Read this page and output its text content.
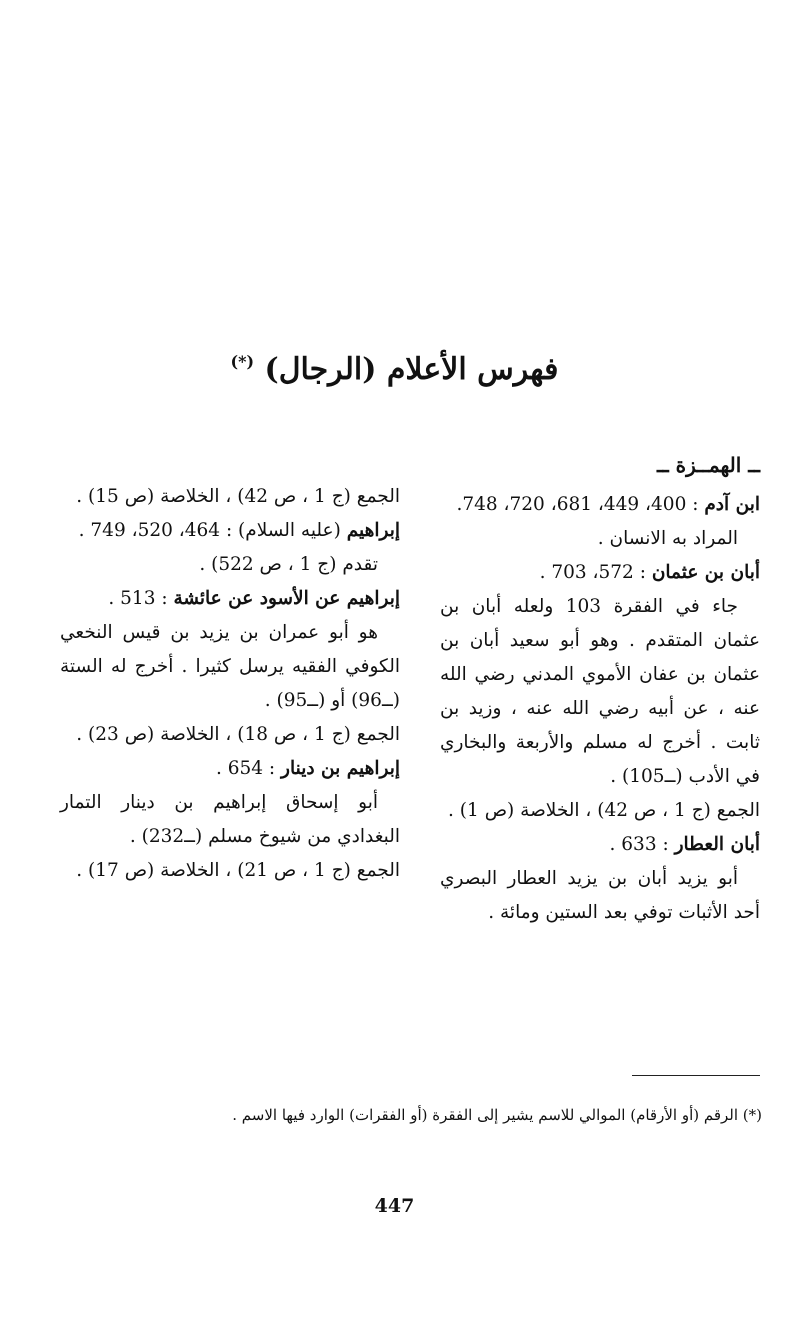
فهرس الأعلام (الرجال) (*)

ــ الهمــزة ــ

ابن آدم : 400، 449، 681، 720، 748.

المراد به الانسان .

أبان بن عثمان : 572، 703 .

جاء في الفقرة 103 ولعله أبان بن عثمان المتقدم . وهو أبو سعيد أبان بن عثمان بن عفان الأموي المدني رضي الله عنه ، عن أبيه رضي الله عنه ، وزيد بن ثابت . أخرج له مسلم والأربعة والبخاري في الأدب (ــ105) .

الجمع (ج 1 ، ص 42) ، الخلاصة (ص 1) .

أبان العطار : 633 .

أبو يزيد أبان بن يزيد العطار البصري أحد الأثبات توفي بعد الستين ومائة .

الجمع (ج 1 ، ص 42) ، الخلاصة (ص 15) .

إبراهيم (عليه السلام) : 464، 520، 749 .

تقدم (ج 1 ، ص 522) .

إبراهيم عن الأسود عن عائشة : 513 .

هو أبو عمران بن يزيد بن قيس النخعي الكوفي الفقيه يرسل كثيرا . أخرج له الستة (ــ96) أو (ــ95) .

الجمع (ج 1 ، ص 18) ، الخلاصة (ص 23) .

إبراهيم بن دينار : 654 .

أبو إسحاق إبراهيم بن دينار التمار البغدادي من شيوخ مسلم (ــ232) .

الجمع (ج 1 ، ص 21) ، الخلاصة (ص 17) .

(*) الرقم (أو الأرقام) الموالي للاسم يشير إلى الفقرة (أو الفقرات) الوارد فيها الاسم .
447
